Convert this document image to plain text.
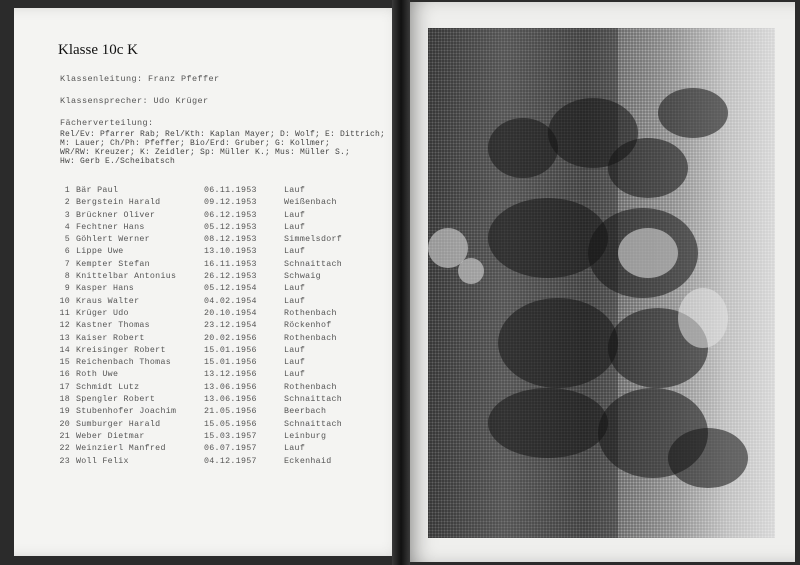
Klasse 10c K
Klassenleitung: Franz Pfeffer
Klassensprecher: Udo Krüger
Fächerverteilung:
Rel/Ev: Pfarrer Rab; Rel/Kth: Kaplan Mayer; D: Wolf; E: Dittrich;
M: Lauer; Ch/Ph: Pfeffer; Bio/Erd: Gruber; G: Kollmer;
WR/RW: Kreuzer; K: Zeidler; Sp: Müller K.; Mus: Müller S.;
Hw: Gerb E./Scheibatsch
1 Bär Paul	06.11.1953	Lauf
2 Bergstein Harald	09.12.1953	Weißenbach
3 Brückner Oliver	06.12.1953	Lauf
4 Fechtner Hans	05.12.1953	Lauf
5 Göhlert Werner	08.12.1953	Simmelsdorf
6 Lippe Uwe	13.10.1953	Lauf
7 Kempter Stefan	16.11.1953	Schnaittach
8 Knittelbar Antonius	26.12.1953	Schwaig
9 Kasper Hans	05.12.1954	Lauf
10 Kraus Walter	04.02.1954	Lauf
11 Krüger Udo	20.10.1954	Rothenbach
12 Kastner Thomas	23.12.1954	Röckenhof
13 Kaiser Robert	20.02.1956	Rothenbach
14 Kreisinger Robert	15.01.1956	Lauf
15 Reichenbach Thomas	15.01.1956	Lauf
16 Roth Uwe	13.12.1956	Lauf
17 Schmidt Lutz	13.06.1956	Rothenbach
18 Spengler Robert	13.06.1956	Schnaittach
19 Stubenhofer Joachim	21.05.1956	Beerbach
20 Sumburger Harald	15.05.1956	Schnaittach
21 Weber Dietmar	15.03.1957	Leinburg
22 Weinzierl Manfred	06.07.1957	Lauf
23 Woll Felix	04.12.1957	Eckenhaid
